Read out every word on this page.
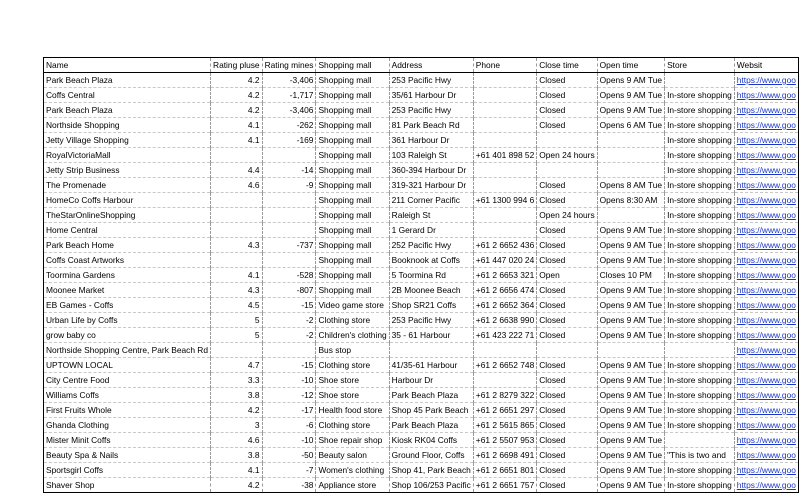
Name	Rating pluse	Rating mines	Shopping mall	Address	Phone	Close time	Open time	Store	Websit
Park Beach Plaza	4.2	-3,406	Shopping mall	253 Pacific Hwy		Closed	Opens 9 AM Tue		https://www.goo
Coffs Central	4.2	-1,717	Shopping mall	35/61 Harbour Dr		Closed	Opens 9 AM Tue	In-store shopping	https://www.goo
Park Beach Plaza	4.2	-3,406	Shopping mall	253 Pacific Hwy		Closed	Opens 9 AM Tue	In-store shopping	https://www.goo
Northside Shopping	4.1	-262	Shopping mall	81 Park Beach Rd		Closed	Opens 6 AM Tue	In-store shopping	https://www.goo
Jetty Village Shopping	4.1	-169	Shopping mall	361 Harbour Dr				In-store shopping	https://www.goo
RoyalVictoriaMall			Shopping mall	103 Raleigh St	+61 401 898 52	Open 24 hours		In-store shopping	https://www.goo
Jetty Strip Business	4.4	-14	Shopping mall	360-394 Harbour Dr				In-store shopping	https://www.goo
The Promenade	4.6	-9	Shopping mall	319-321 Harbour Dr		Closed	Opens 8 AM Tue	In-store shopping	https://www.goo
HomeCo Coffs Harbour			Shopping mall	211 Corner Pacific	+61 1300 994 6	Closed	Opens 8:30 AM	In-store shopping	https://www.goo
TheStarOnlineShopping			Shopping mall	Raleigh St		Open 24 hours		In-store shopping	https://www.goo
Home Central			Shopping mall	1 Gerard Dr		Closed	Opens 9 AM Tue	In-store shopping	https://www.goo
Park Beach Home	4.3	-737	Shopping mall	252 Pacific Hwy	+61 2 6652 436	Closed	Opens 9 AM Tue	In-store shopping	https://www.goo
Coffs Coast Artworks			Shopping mall	Booknook at Coffs	+61 447 020 24	Closed	Opens 9 AM Tue	In-store shopping	https://www.goo
Toormina Gardens	4.1	-528	Shopping mall	5 Toormina Rd	+61 2 6653 321	Open	Closes 10 PM	In-store shopping	https://www.goo
Moonee Market	4.3	-807	Shopping mall	2B Moonee Beach	+61 2 6656 474	Closed	Opens 9 AM Tue	In-store shopping	https://www.goo
EB Games - Coffs	4.5	-15	Video game store	Shop SR21 Coffs	+61 2 6652 364	Closed	Opens 9 AM Tue	In-store shopping	https://www.goo
Urban Life by Coffs	5	-2	Clothing store	253 Pacific Hwy	+61 2 6638 990	Closed	Opens 9 AM Tue	In-store shopping	https://www.goo
grow baby co	5	-2	Children's clothing	35 - 61 Harbour	+61 423 222 71	Closed	Opens 9 AM Tue	In-store shopping	https://www.goo
Northside Shopping Centre, Park Beach Rd			Bus stop						https://www.goo
UPTOWN LOCAL	4.7	-15	Clothing store	41/35-61 Harbour	+61 2 6652 748	Closed	Opens 9 AM Tue	In-store shopping	https://www.goo
City Centre Food	3.3	-10	Shoe store	Harbour Dr		Closed	Opens 9 AM Tue	In-store shopping	https://www.goo
Williams Coffs	3.8	-12	Shoe store	Park Beach Plaza	+61 2 8279 322	Closed	Opens 9 AM Tue	In-store shopping	https://www.goo
First Fruits Whole	4.2	-17	Health food store	Shop 45 Park Beach	+61 2 6651 297	Closed	Opens 9 AM Tue	In-store shopping	https://www.goo
Ghanda Clothing	3	-6	Clothing store	Park Beach Plaza	+61 2 5615 865	Closed	Opens 9 AM Tue	In-store shopping	https://www.goo
Mister Minit Coffs	4.6	-10	Shoe repair shop	Kiosk RK04 Coffs	+61 2 5507 953	Closed	Opens 9 AM Tue		https://www.goo
Beauty Spa & Nails	3.8	-50	Beauty salon	Ground Floor, Coffs	+61 2 6698 491	Closed	Opens 9 AM Tue	"This is two and	https://www.goo
Sportsgirl Coffs	4.1	-7	Women's clothing	Shop 41, Park Beach	+61 2 6651 801	Closed	Opens 9 AM Tue	In-store shopping	https://www.goo
Shaver Shop	4.2	-38	Appliance store	Shop 106/253 Pacific	+61 2 6651 757	Closed	Opens 9 AM Tue	In-store shopping	https://www.goo
